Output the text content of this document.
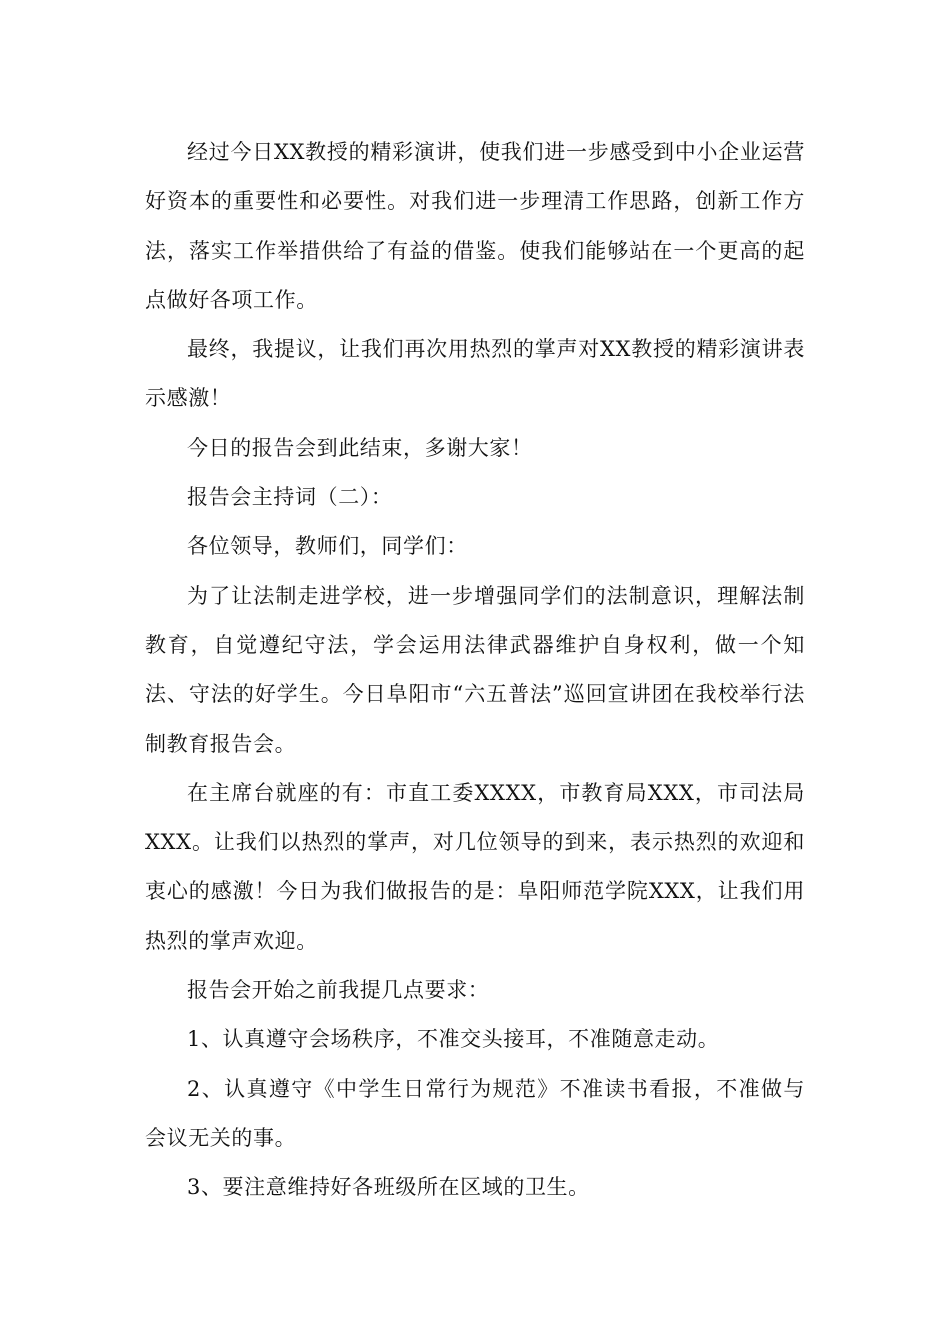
经过今日XX教授的精彩演讲，使我们进一步感受到中小企业运营好资本的重要性和必要性。对我们进一步理清工作思路，创新工作方法，落实工作举措供给了有益的借鉴。使我们能够站在一个更高的起点做好各项工作。

最终，我提议，让我们再次用热烈的掌声对XX教授的精彩演讲表示感激！

今日的报告会到此结束，多谢大家！

报告会主持词（二）：

各位领导，教师们，同学们：

为了让法制走进学校，进一步增强同学们的法制意识，理解法制教育，自觉遵纪守法，学会运用法律武器维护自身权利，做一个知法、守法的好学生。今日阜阳市“六五普法”巡回宣讲团在我校举行法制教育报告会。

在主席台就座的有：市直工委XXXX，市教育局XXX，市司法局XXX。让我们以热烈的掌声，对几位领导的到来，表示热烈的欢迎和衷心的感激！今日为我们做报告的是：阜阳师范学院XXX，让我们用热烈的掌声欢迎。

报告会开始之前我提几点要求：

1、认真遵守会场秩序，不准交头接耳，不准随意走动。

2、认真遵守《中学生日常行为规范》不准读书看报，不准做与会议无关的事。

3、要注意维持好各班级所在区域的卫生。
